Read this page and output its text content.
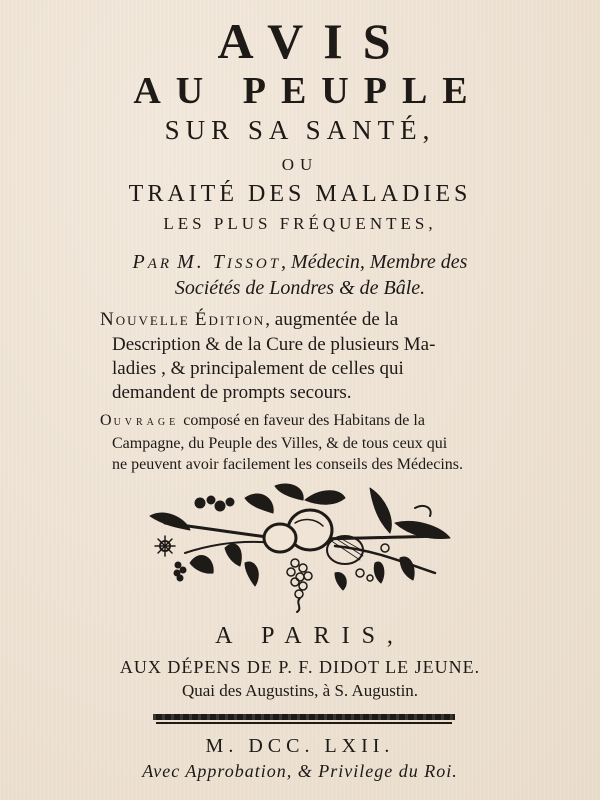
AVIS
AU PEUPLE
SUR SA SANTÉ,
OU
TRAITÉ DES MALADIES
LES PLUS FRÉQUENTES,
PAR M. TISSOT, Médecin, Membre des
Sociétés de Londres & de Bâle.
NOUVELLE ÉDITION, augmentée de la
Description & de la Cure de plusieurs Ma-
ladies , & principalement de celles qui
demandent de prompts secours.
OUVRAGE composé en faveur des Habitans de la
Campagne, du Peuple des Villes, & de tous ceux qui
ne peuvent avoir facilement les conseils des Médecins.
A PARIS,
AUX DÉPENS DE P. F. DIDOT LE JEUNE.
Quai des Augustins, à S. Augustin.
M. DCC. LXII.
Avec Approbation, & Privilege du Roi.
